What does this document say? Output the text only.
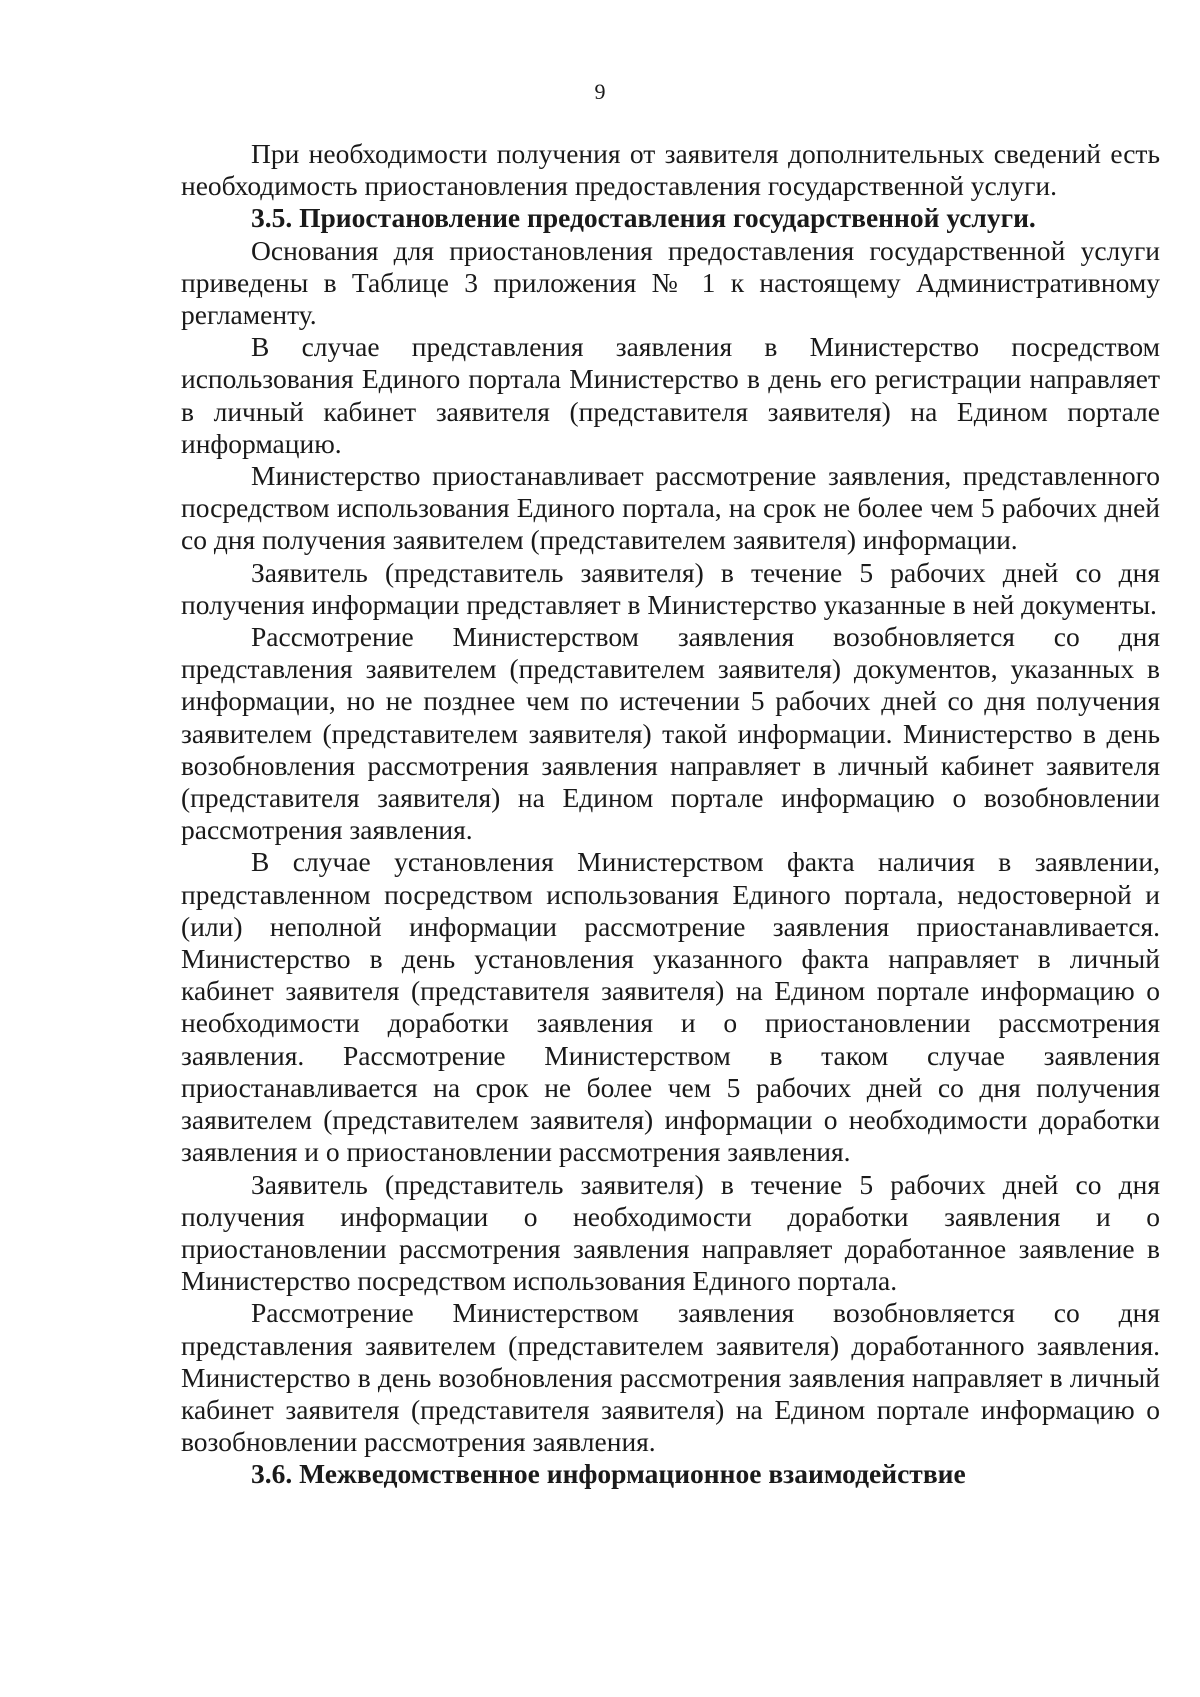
9

При необходимости получения от заявителя дополнительных сведений есть необходимость приостановления предоставления государственной услуги.

3.5. Приостановление предоставления государственной услуги.

Основания для приостановления предоставления государственной услуги приведены в Таблице 3 приложения № 1 к настоящему Административному регламенту.

В случае представления заявления в Министерство посредством использования Единого портала Министерство в день его регистрации направляет в личный кабинет заявителя (представителя заявителя) на Едином портале информацию.

Министерство приостанавливает рассмотрение заявления, представленного посредством использования Единого портала, на срок не более чем 5 рабочих дней со дня получения заявителем (представителем заявителя) информации.

Заявитель (представитель заявителя) в течение 5 рабочих дней со дня получения информации представляет в Министерство указанные в ней документы.

Рассмотрение Министерством заявления возобновляется со дня представления заявителем (представителем заявителя) документов, указанных в информации, но не позднее чем по истечении 5 рабочих дней со дня получения заявителем (представителем заявителя) такой информации. Министерство в день возобновления рассмотрения заявления направляет в личный кабинет заявителя (представителя заявителя) на Едином портале информацию о возобновлении рассмотрения заявления.

В случае установления Министерством факта наличия в заявлении, представленном посредством использования Единого портала, недостоверной и (или) неполной информации рассмотрение заявления приостанавливается. Министерство в день установления указанного факта направляет в личный кабинет заявителя (представителя заявителя) на Едином портале информацию о необходимости доработки заявления и о приостановлении рассмотрения заявления. Рассмотрение Министерством в таком случае заявления приостанавливается на срок не более чем 5 рабочих дней со дня получения заявителем (представителем заявителя) информации о необходимости доработки заявления и о приостановлении рассмотрения заявления.

Заявитель (представитель заявителя) в течение 5 рабочих дней со дня получения информации о необходимости доработки заявления и о приостановлении рассмотрения заявления направляет доработанное заявление в Министерство посредством использования Единого портала.

Рассмотрение Министерством заявления возобновляется со дня представления заявителем (представителем заявителя) доработанного заявления. Министерство в день возобновления рассмотрения заявления направляет в личный кабинет заявителя (представителя заявителя) на Едином портале информацию о возобновлении рассмотрения заявления.

3.6. Межведомственное информационное взаимодействие
